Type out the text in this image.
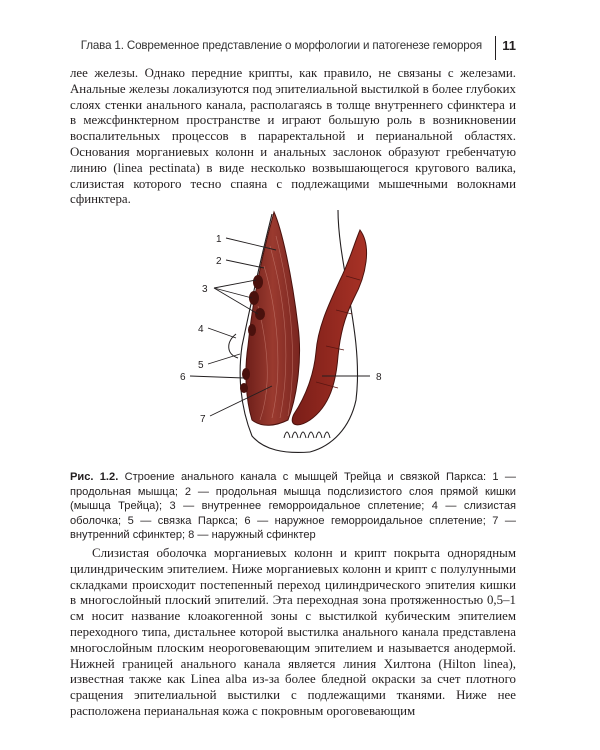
Глава 1. Современное представление о морфологии и патогенезе геморроя 11

лее железы. Однако передние крипты, как правило, не связаны с железами. Анальные железы локализуются под эпителиальной выстилкой в более глубоких слоях стенки анального канала, располагаясь в толще внутреннего сфинктера и в межсфинктерном пространстве и играют большую роль в возникновении воспалительных процессов в параректальной и перианальной областях. Основания морганиевых колонн и анальных заслонок образуют гребенчатую линию (linea pectinata) в виде несколько возвышающегося кругового валика, слизистая которого тесно спаяна с подлежащими мышечными волокнами сфинктера.

1
2
3
4
5
6
7
8

Рис. 1.2. Строение анального канала с мышцей Трейца и связкой Паркса: 1 — продольная мышца; 2 — продольная мышца подслизистого слоя прямой кишки (мышца Трейца); 3 — внутреннее геморроидальное сплетение; 4 — слизистая оболочка; 5 — связка Паркса; 6 — наружное геморроидальное сплетение; 7 — внутренний сфинктер; 8 — наружный сфинктер

Слизистая оболочка морганиевых колонн и крипт покрыта однорядным цилиндрическим эпителием. Ниже морганиевых колонн и крипт с полулунными складками происходит постепенный переход цилиндрического эпителия кишки в многослойный плоский эпителий. Эта переходная зона протяженностью 0,5–1 см носит название клоакогенной зоны с выстилкой кубическим эпителием переходного типа, дистальнее которой выстилка анального канала представлена многослойным плоским неороговевающим эпителием и называется анодермой. Нижней границей анального канала является линия Хилтона (Hilton linea), известная также как Linea alba из-за более бледной окраски за счет плотного сращения эпителиальной выстилки с подлежащими тканями. Ниже нее расположена перианальная кожа с покровным ороговевающим
